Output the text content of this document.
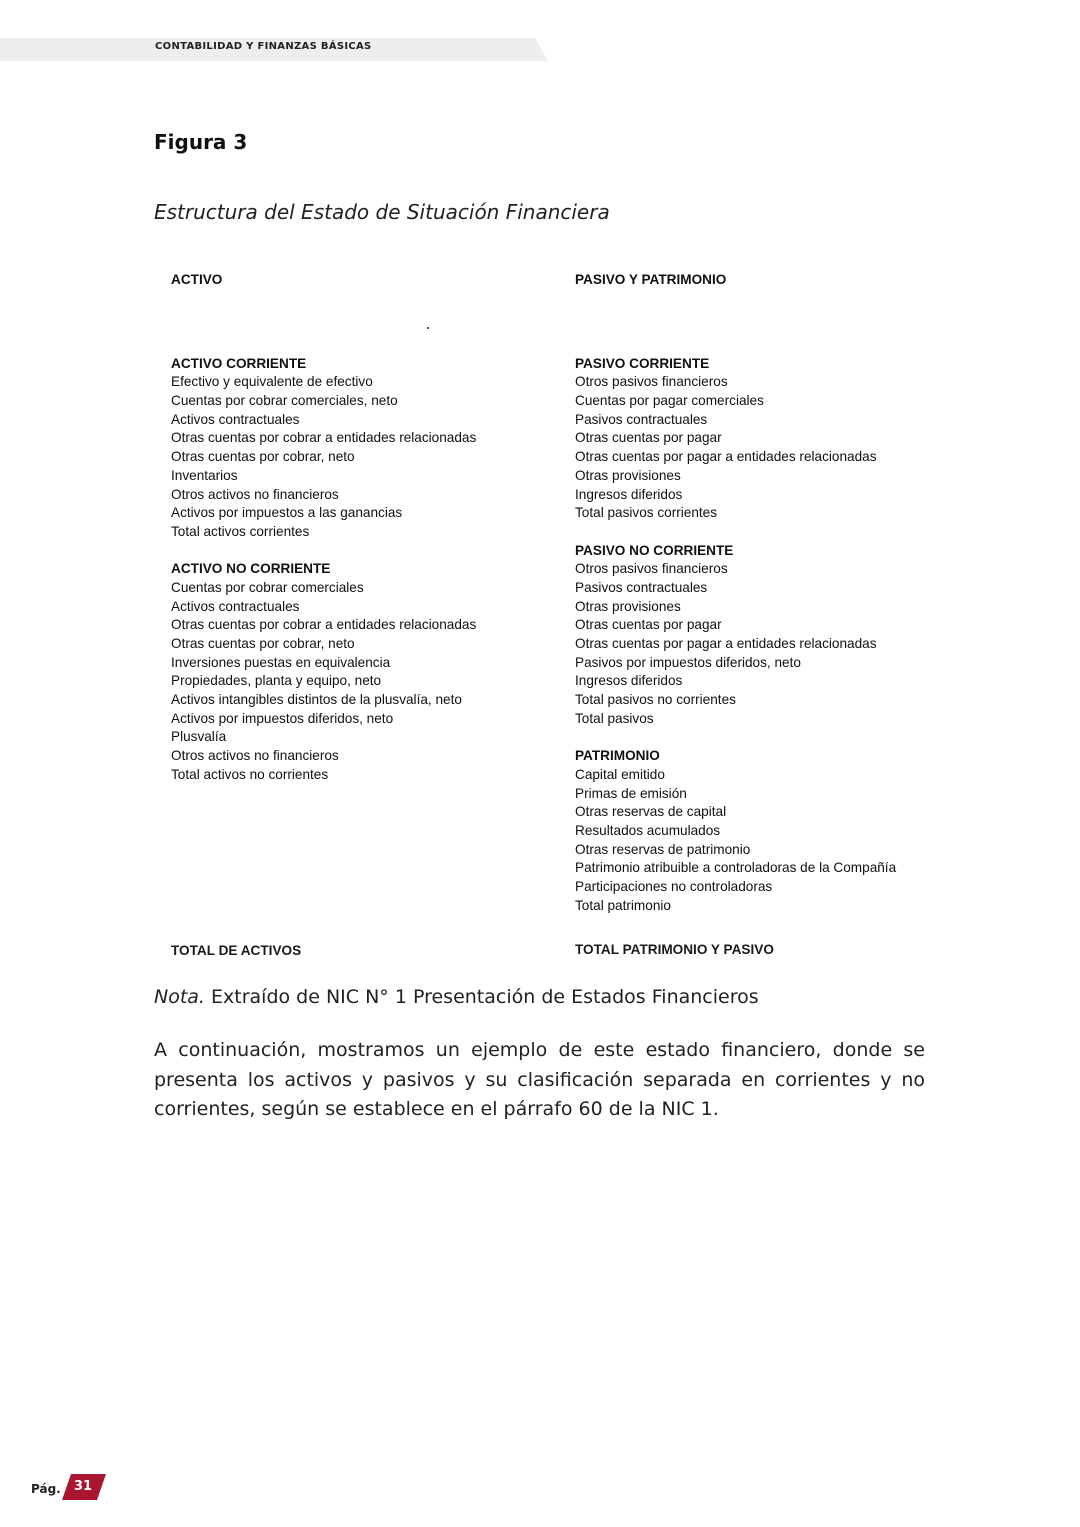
CONTABILIDAD Y FINANZAS BÁSICAS
Figura 3
Estructura del Estado de Situación Financiera
ACTIVO
ACTIVO CORRIENTE
Efectivo y equivalente de efectivo
Cuentas por cobrar comerciales, neto
Activos contractuales
Otras cuentas por cobrar a entidades relacionadas
Otras cuentas por cobrar, neto
Inventarios
Otros activos no financieros
Activos por impuestos a las ganancias
Total activos corrientes
ACTIVO NO CORRIENTE
Cuentas por cobrar comerciales
Activos contractuales
Otras cuentas por cobrar a entidades relacionadas
Otras cuentas por cobrar, neto
Inversiones puestas en equivalencia
Propiedades, planta y equipo, neto
Activos intangibles distintos de la plusvalía, neto
Activos por impuestos diferidos, neto
Plusvalía
Otros activos no financieros
Total activos no corrientes
PASIVO Y PATRIMONIO
PASIVO CORRIENTE
Otros pasivos financieros
Cuentas por pagar comerciales
Pasivos contractuales
Otras cuentas por pagar
Otras cuentas por pagar a entidades relacionadas
Otras provisiones
Ingresos diferidos
Total pasivos corrientes
PASIVO NO CORRIENTE
Otros pasivos financieros
Pasivos contractuales
Otras provisiones
Otras cuentas por pagar
Otras cuentas por pagar a entidades relacionadas
Pasivos por impuestos diferidos, neto
Ingresos diferidos
Total pasivos no corrientes
Total pasivos
PATRIMONIO
Capital emitido
Primas de emisión
Otras reservas de capital
Resultados acumulados
Otras reservas de patrimonio
Patrimonio atribuible a controladoras de la Compañía
Participaciones no controladoras
Total patrimonio
TOTAL DE ACTIVOS	TOTAL PATRIMONIO Y PASIVO
Nota. Extraído de NIC N° 1 Presentación de Estados Financieros
A continuación, mostramos un ejemplo de este estado financiero, donde se presenta los activos y pasivos y su clasificación separada en corrientes y no corrientes, según se establece en el párrafo 60 de la NIC 1.
Pág.	31
